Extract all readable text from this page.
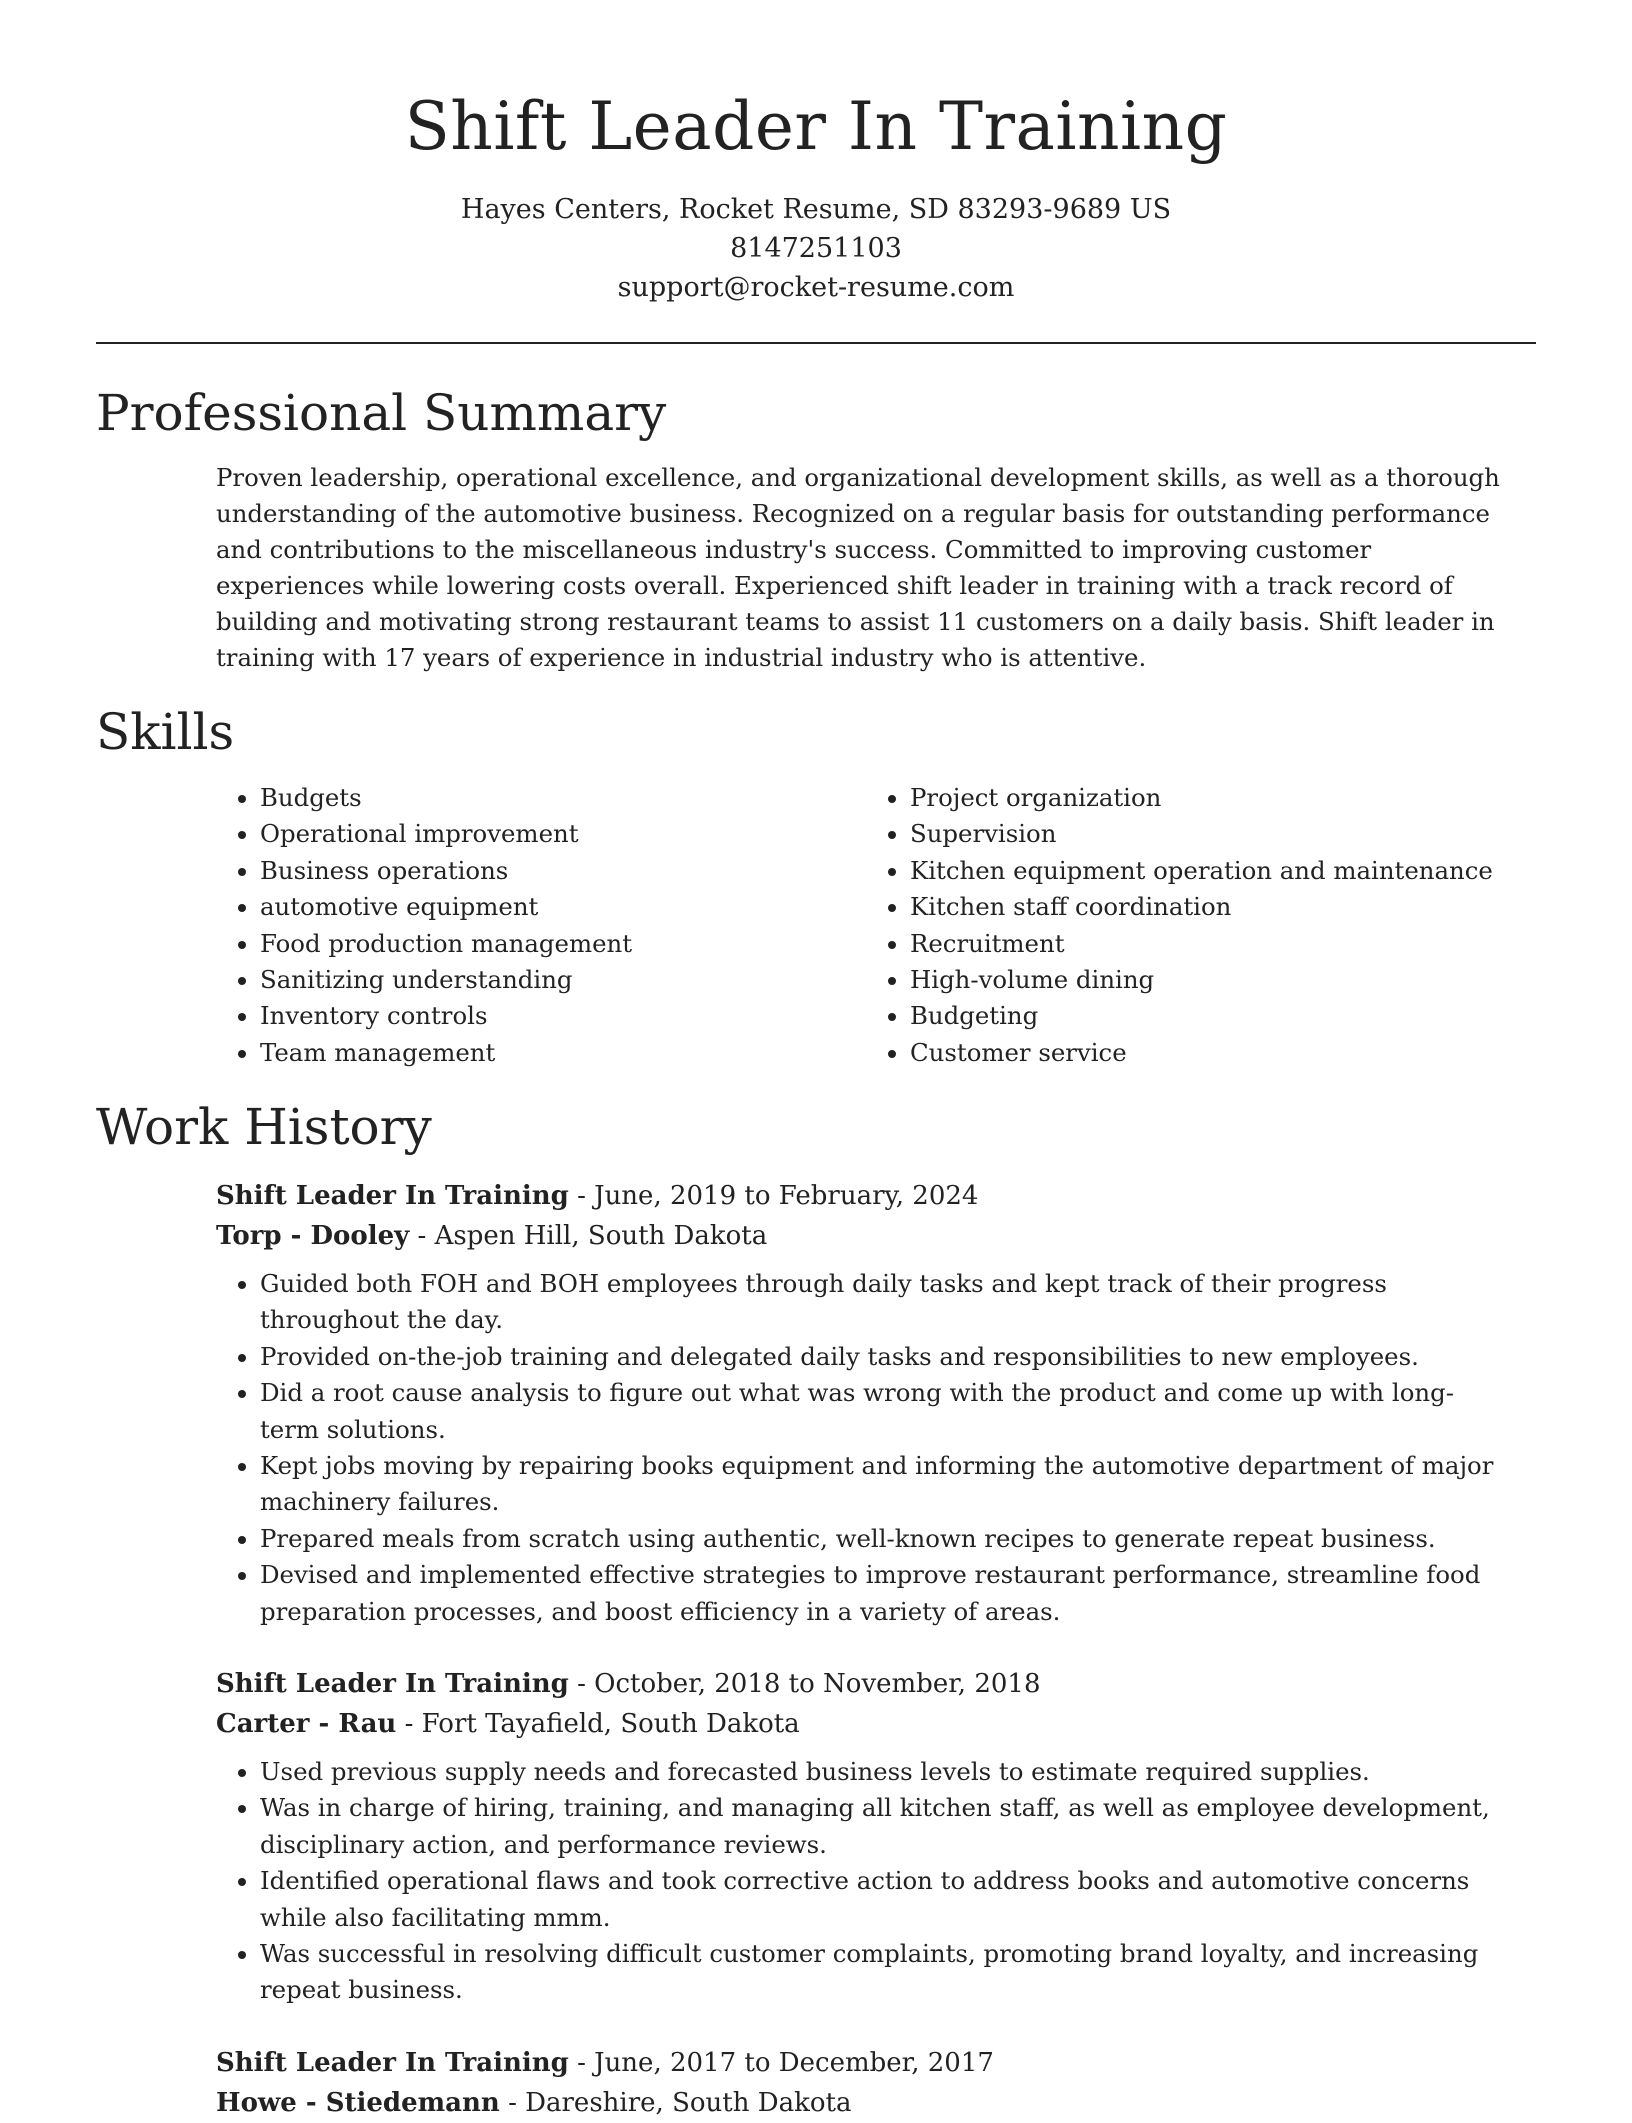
Shift Leader In Training
Hayes Centers, Rocket Resume, SD 83293-9689 US
8147251103
support@rocket-resume.com
Professional Summary

Proven leadership, operational excellence, and organizational development skills, as well as a thorough understanding of the automotive business. Recognized on a regular basis for outstanding performance and contributions to the miscellaneous industry's success. Committed to improving customer experiences while lowering costs overall. Experienced shift leader in training with a track record of building and motivating strong restaurant teams to assist 11 customers on a daily basis. Shift leader in training with 17 years of experience in industrial industry who is attentive.

Skills
• Budgets
• Operational improvement
• Business operations
• automotive equipment
• Food production management
• Sanitizing understanding
• Inventory controls
• Team management
• Project organization
• Supervision
• Kitchen equipment operation and maintenance
• Kitchen staff coordination
• Recruitment
• High-volume dining
• Budgeting
• Customer service
Work History
Shift Leader In Training - June, 2019 to February, 2024
Torp - Dooley - Aspen Hill, South Dakota
• Guided both FOH and BOH employees through daily tasks and kept track of their progress throughout the day.
• Provided on-the-job training and delegated daily tasks and responsibilities to new employees.
• Did a root cause analysis to figure out what was wrong with the product and come up with long-term solutions.
• Kept jobs moving by repairing books equipment and informing the automotive department of major machinery failures.
• Prepared meals from scratch using authentic, well-known recipes to generate repeat business.
• Devised and implemented effective strategies to improve restaurant performance, streamline food preparation processes, and boost efficiency in a variety of areas.
Shift Leader In Training - October, 2018 to November, 2018
Carter - Rau - Fort Tayafield, South Dakota
• Used previous supply needs and forecasted business levels to estimate required supplies.
• Was in charge of hiring, training, and managing all kitchen staff, as well as employee development, disciplinary action, and performance reviews.
• Identified operational flaws and took corrective action to address books and automotive concerns while also facilitating mmm.
• Was successful in resolving difficult customer complaints, promoting brand loyalty, and increasing repeat business.
Shift Leader In Training - June, 2017 to December, 2017
Howe - Stiedemann - Dareshire, South Dakota
